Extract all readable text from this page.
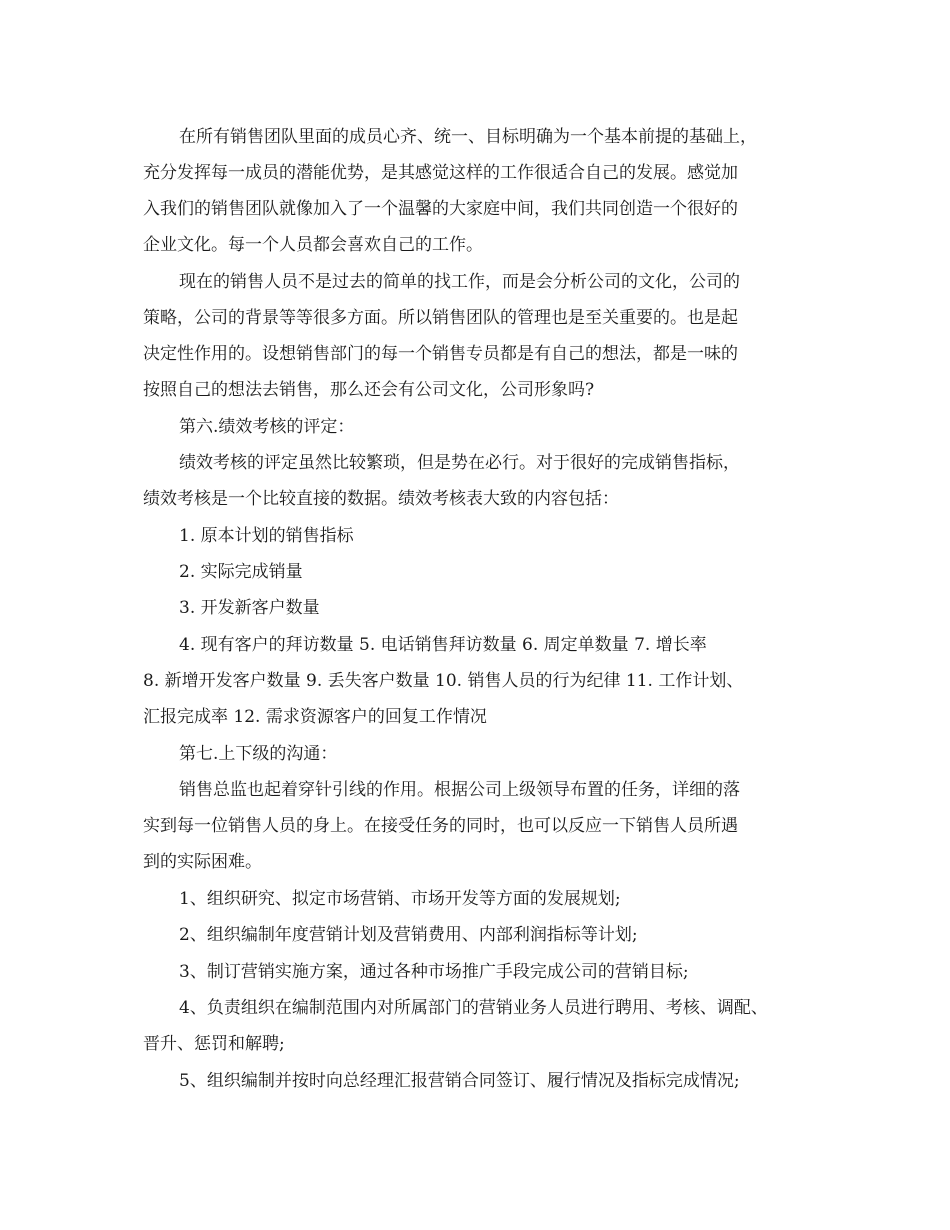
在所有销售团队里面的成员心齐、统一、目标明确为一个基本前提的基础上，
充分发挥每一成员的潜能优势，是其感觉这样的工作很适合自己的发展。感觉加
入我们的销售团队就像加入了一个温馨的大家庭中间，我们共同创造一个很好的
企业文化。每一个人员都会喜欢自己的工作。
现在的销售人员不是过去的简单的找工作，而是会分析公司的文化，公司的
策略，公司的背景等等很多方面。所以销售团队的管理也是至关重要的。也是起
决定性作用的。设想销售部门的每一个销售专员都是有自己的想法，都是一味的
按照自己的想法去销售，那么还会有公司文化，公司形象吗?
第六.绩效考核的评定：
绩效考核的评定虽然比较繁琐，但是势在必行。对于很好的完成销售指标，
绩效考核是一个比较直接的数据。绩效考核表大致的内容包括：
1. 原本计划的销售指标
2. 实际完成销量
3. 开发新客户数量
4. 现有客户的拜访数量 5. 电话销售拜访数量 6. 周定单数量 7. 增长率
8. 新增开发客户数量 9. 丢失客户数量 10. 销售人员的行为纪律 11. 工作计划、
汇报完成率 12. 需求资源客户的回复工作情况
第七.上下级的沟通：
销售总监也起着穿针引线的作用。根据公司上级领导布置的任务，详细的落
实到每一位销售人员的身上。在接受任务的同时，也可以反应一下销售人员所遇
到的实际困难。
1、组织研究、拟定市场营销、市场开发等方面的发展规划;
2、组织编制年度营销计划及营销费用、内部利润指标等计划;
3、制订营销实施方案，通过各种市场推广手段完成公司的营销目标;
4、负责组织在编制范围内对所属部门的营销业务人员进行聘用、考核、调配、
晋升、惩罚和解聘;
5、组织编制并按时向总经理汇报营销合同签订、履行情况及指标完成情况;
